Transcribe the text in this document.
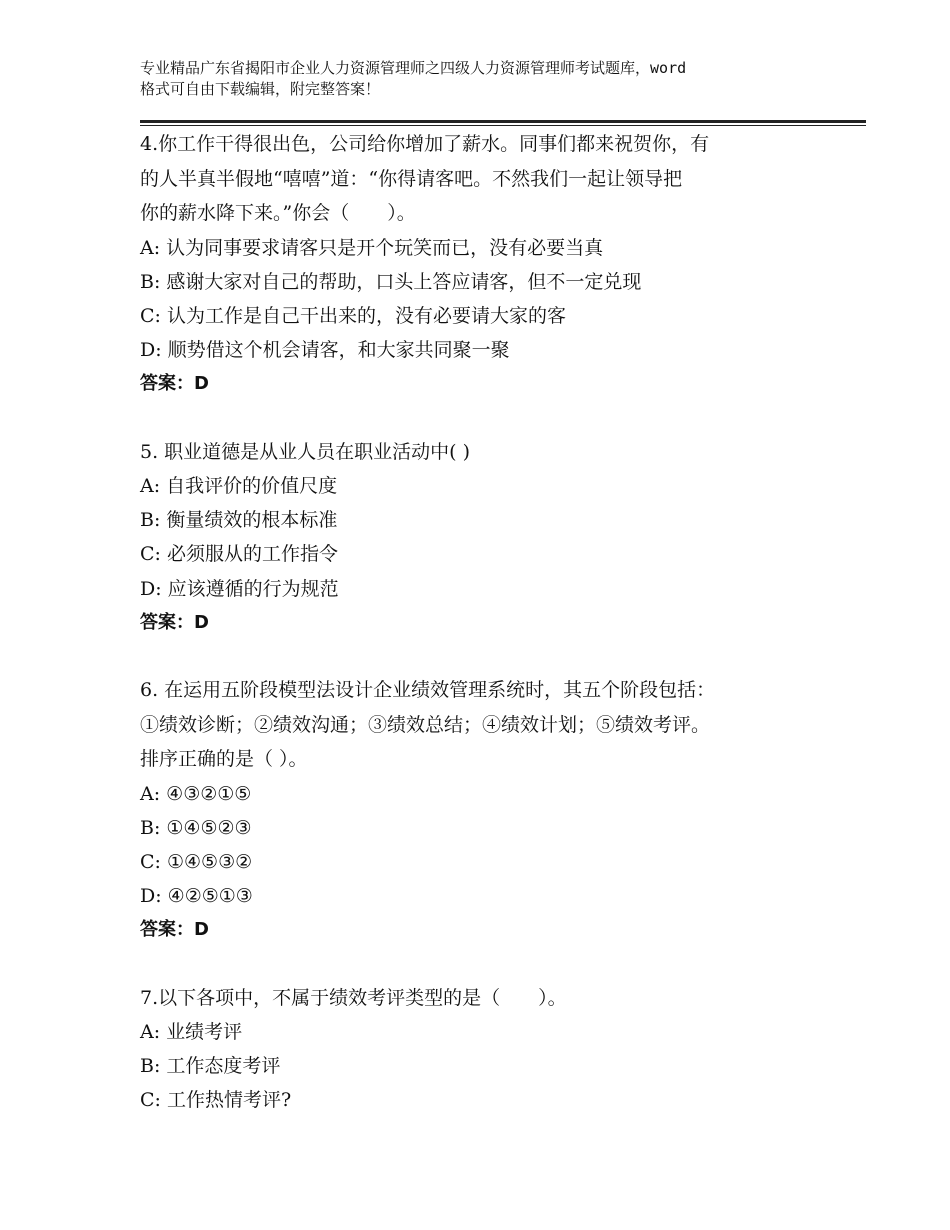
专业精品广东省揭阳市企业人力资源管理师之四级人力资源管理师考试题库，word
格式可自由下载编辑，附完整答案！
4.你工作干得很出色，公司给你增加了薪水。同事们都来祝贺你，有
的人半真半假地“嘻嘻”道：“你得请客吧。不然我们一起让领导把
你的薪水降下来。”你会（　　）。
A: 认为同事要求请客只是开个玩笑而已，没有必要当真
B: 感谢大家对自己的帮助，口头上答应请客，但不一定兑现
C: 认为工作是自己干出来的，没有必要请大家的客
D: 顺势借这个机会请客，和大家共同聚一聚
答案：D
5. 职业道德是从业人员在职业活动中( )
A: 自我评价的价值尺度
B: 衡量绩效的根本标准
C: 必须服从的工作指令
D: 应该遵循的行为规范
答案：D
6. 在运用五阶段模型法设计企业绩效管理系统时，其五个阶段包括：
①绩效诊断；②绩效沟通；③绩效总结；④绩效计划；⑤绩效考评。
排序正确的是（ ）。
A: ④③②①⑤
B: ①④⑤②③
C: ①④⑤③②
D: ④②⑤①③
答案：D
7.以下各项中，不属于绩效考评类型的是（　　）。
A: 业绩考评
B: 工作态度考评
C: 工作热情考评?
